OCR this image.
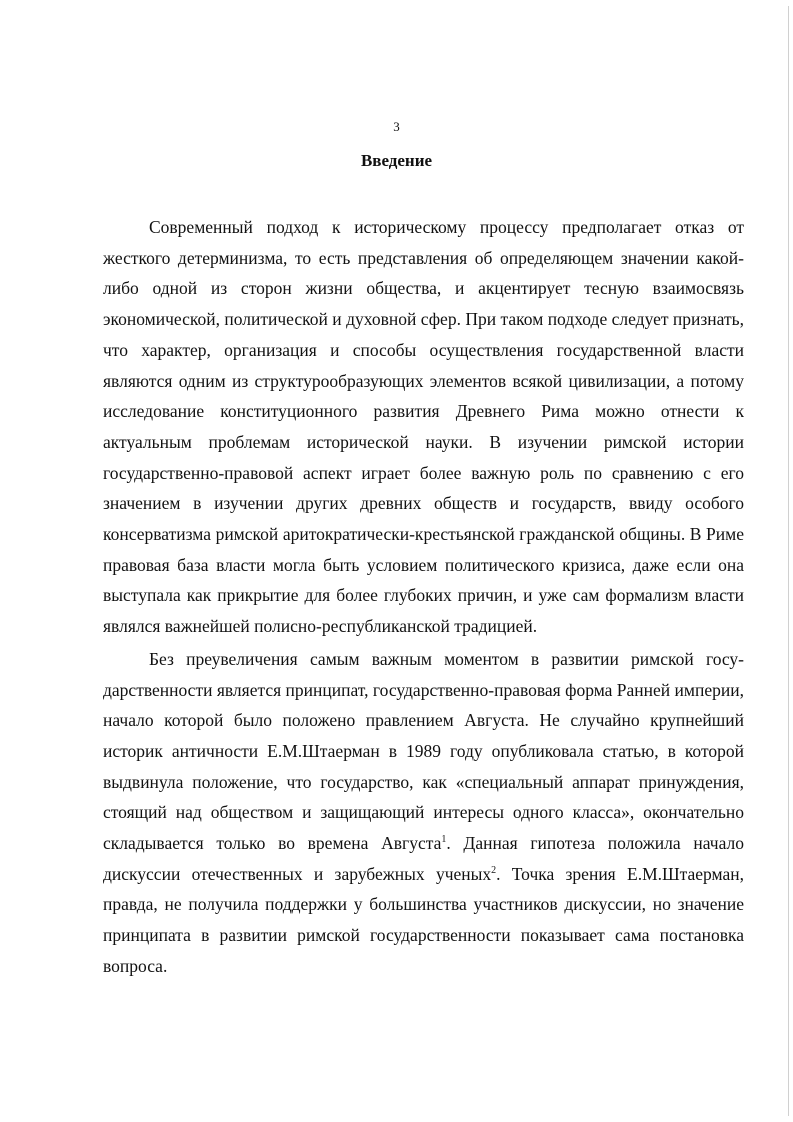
3
Введение

Современный подход к историческому процессу предполагает отказ от жесткого детерминизма, то есть представления об определяющем значении какой-либо одной из сторон жизни общества, и акцентирует тесную взаимосвязь экономической, политической и духовной сфер. При таком подходе следует признать, что характер, организация и способы осуществления государственной власти являются одним из структурообразующих элементов всякой цивилизации, а потому исследование конституционного развития Древнего Рима можно отнести к актуальным проблемам исторической науки. В изучении римской истории государственно-правовой аспект играет более важную роль по сравнению с его значением в изучении других древних обществ и государств, ввиду особого консерватизма римской аритократически-крестьянской гражданской общины. В Риме правовая база власти могла быть условием политического кризиса, даже если она выступала как прикрытие для более глубоких причин, и уже сам формализм власти являлся важнейшей полисно-республиканской традицией.

Без преувеличения самым важным моментом в развитии римской государственности является принципат, государственно-правовая форма Ранней империи, начало которой было положено правлением Августа. Не случайно крупнейший историк античности Е.М.Штаерман в 1989 году опубликовала статью, в которой выдвинула положение, что государство, как «специальный аппарат принуждения, стоящий над обществом и защищающий интересы одного класса», окончательно складывается только во времена Августа$^1$. Данная гипотеза положила начало дискуссии отечественных и зарубежных ученых$^2$. Точка зрения Е.М.Штаерман, правда, не получила поддержки у большинства участников дискуссии, но значение принципата в развитии римской государственности показывает сама постановка вопроса.
